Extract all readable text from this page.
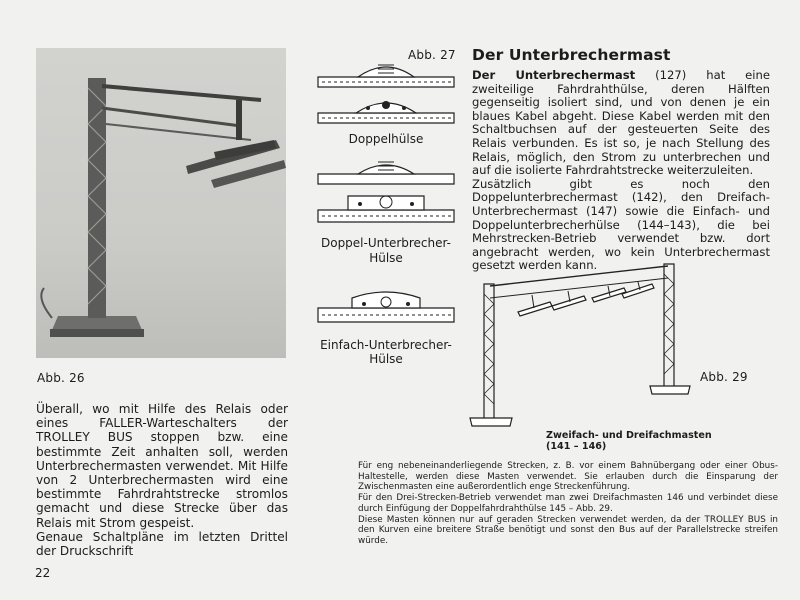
Abb. 26
Abb. 27
Doppelhülse
Doppel-Unterbrecher-
Hülse
Einfach-Unterbrecher-
Hülse
Der Unterbrechermast

Der Unterbrechermast (127) hat eine zweiteilige Fahrdrahthülse, deren Hälften gegenseitig isoliert sind, und von denen je ein blaues Kabel abgeht. Diese Kabel werden mit den Schaltbuchsen auf der gesteuerten Seite des Relais verbunden. Es ist so, je nach Stellung des Relais, möglich, den Strom zu unterbrechen und auf die isolierte Fahrdrahtstrecke weiterzuleiten.

Zusätzlich gibt es noch den Doppelunterbrechermast (142), den Dreifach-Unterbrechermast (147) sowie die Einfach- und Doppelunterbrecherhülse (144–143), die bei Mehrstrecken-Betrieb verwendet bzw. dort angebracht werden, wo kein Unterbrechermast gesetzt werden kann.

Abb. 29
Zweifach- und Dreifachmasten
(141 – 146)

Überall, wo mit Hilfe des Relais oder eines FALLER-Warteschalters der TROLLEY BUS stoppen bzw. eine bestimmte Zeit anhalten soll, werden Unterbrechermasten verwendet. Mit Hilfe von 2 Unterbrechermasten wird eine bestimmte Fahrdrahtstrecke stromlos gemacht und diese Strecke über das Relais mit Strom gespeist.

Genaue Schaltpläne im letzten Drittel der Druckschrift

Für eng nebeneinanderliegende Strecken, z. B. vor einem Bahnübergang oder einer Obus-Haltestelle, werden diese Masten verwendet. Sie erlauben durch die Einsparung der Zwischenmasten eine außerordentlich enge Streckenführung.

Für den Drei-Strecken-Betrieb verwendet man zwei Dreifachmasten 146 und verbindet diese durch Einfügung der Doppelfahrdrahthülse 145 – Abb. 29.

Diese Masten können nur auf geraden Strecken verwendet werden, da der TROLLEY BUS in den Kurven eine breitere Straße benötigt und sonst den Bus auf der Parallelstrecke streifen würde.

22
